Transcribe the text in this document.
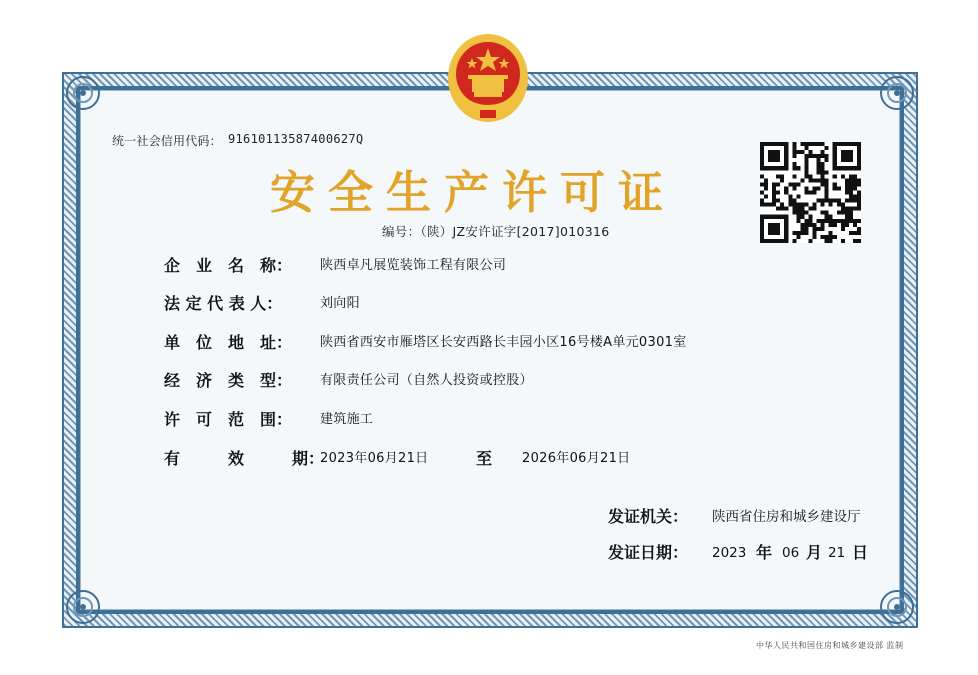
统一社会信用代码： 9161011358740062​7Q
安全生产许可证
编号：（陕）JZ安许证字[2017]010316
企　业　名　称： 陕西卓凡展览装饰工程有限公司
法 定 代 表 人：	刘向阳
单　位　地　址： 陕西省西安市雁塔区长安西路长丰园小区16号楼A单元0301室
经　济　类　型： 有限责任公司（自然人投资或控股）
许　可　范　围： 建筑施工
有　　　效　　　期：
2023年06月21日	至 2026年06月21日
发证机关： 陕西省住房和城乡建设厅
发证日期： 2023 年 06 月 21 日
中华人民共和国住房和城乡建设部 监制
